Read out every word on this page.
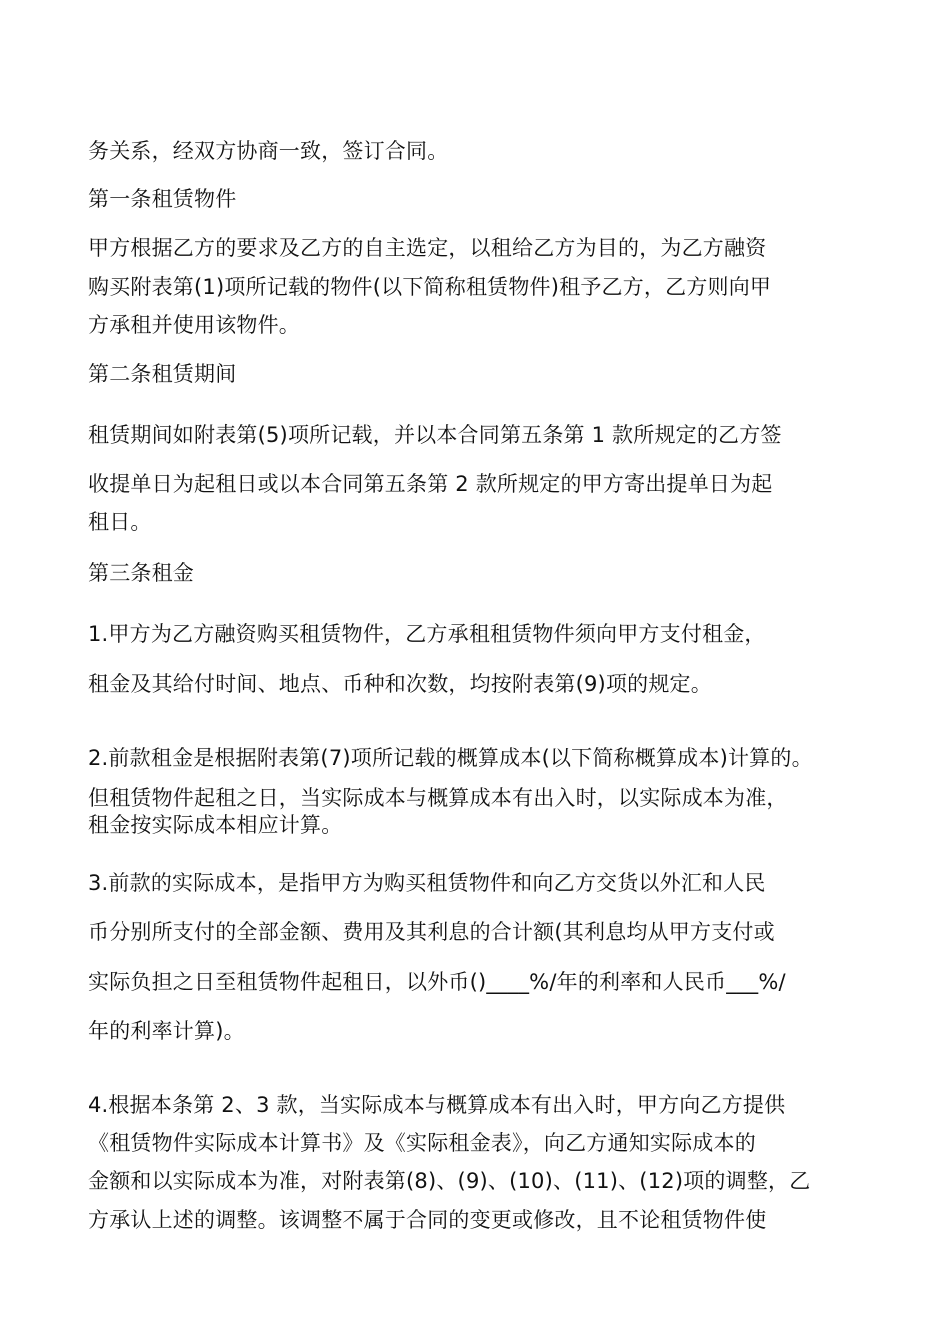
务关系，经双方协商一致，签订合同。

第一条租赁物件

甲方根据乙方的要求及乙方的自主选定，以租给乙方为目的，为乙方融资

购买附表第(1)项所记载的物件(以下简称租赁物件)租予乙方，乙方则向甲

方承租并使用该物件。

第二条租赁期间

租赁期间如附表第(5)项所记载，并以本合同第五条第 1 款所规定的乙方签

收提单日为起租日或以本合同第五条第 2 款所规定的甲方寄出提单日为起

租日。

第三条租金

1.甲方为乙方融资购买租赁物件，乙方承租租赁物件须向甲方支付租金，

租金及其给付时间、地点、币种和次数，均按附表第(9)项的规定。

2.前款租金是根据附表第(7)项所记载的概算成本(以下简称概算成本)计算的。

但租赁物件起租之日，当实际成本与概算成本有出入时，以实际成本为准，

租金按实际成本相应计算。

3.前款的实际成本，是指甲方为购买租赁物件和向乙方交货以外汇和人民

币分别所支付的全部金额、费用及其利息的合计额(其利息均从甲方支付或

实际负担之日至租赁物件起租日，以外币()____%/年的利率和人民币___%/

年的利率计算)。

4.根据本条第 2、3 款，当实际成本与概算成本有出入时，甲方向乙方提供

《租赁物件实际成本计算书》及《实际租金表》，向乙方通知实际成本的

金额和以实际成本为准，对附表第(8)、(9)、(10)、(11)、(12)项的调整，乙

方承认上述的调整。该调整不属于合同的变更或修改，且不论租赁物件使
